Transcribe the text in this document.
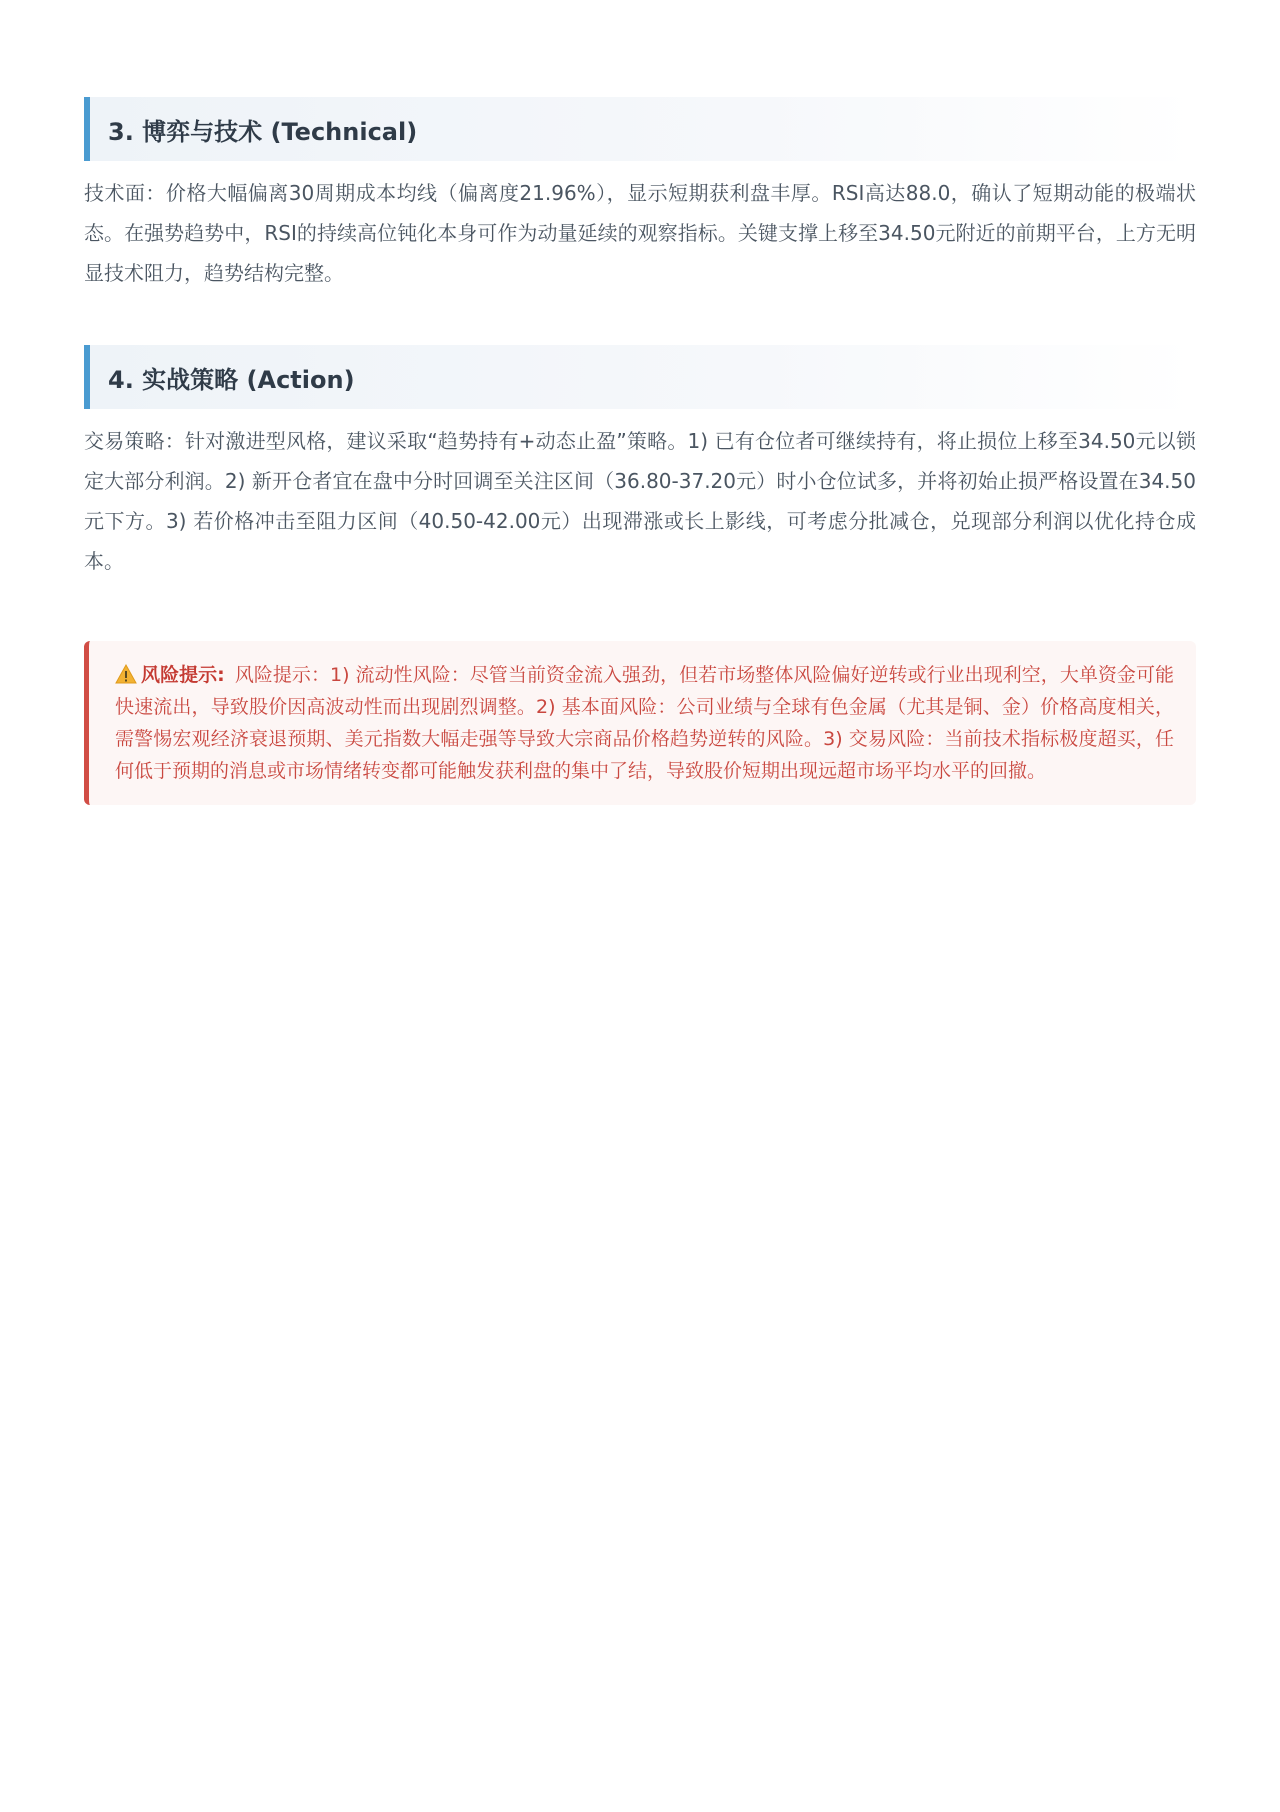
3. 博弈与技术 (Technical)

技术面：价格大幅偏离30周期成本均线（偏离度21.96%），显示短期获利盘丰厚。RSI高达88.0，确认了短期动能的极端状态。在强势趋势中，RSI的持续高位钝化本身可作为动量延续的观察指标。关键支撑上移至34.50元附近的前期平台，上方无明显技术阻力，趋势结构完整。

4. 实战策略 (Action)

交易策略：针对激进型风格，建议采取“趋势持有+动态止盈”策略。1) 已有仓位者可继续持有，将止损位上移至34.50元以锁定大部分利润。2) 新开仓者宜在盘中分时回调至关注区间（36.80-37.20元）时小仓位试多，并将初始止损严格设置在34.50元下方。3) 若价格冲击至阻力区间（40.50-42.00元）出现滞涨或长上影线，可考虑分批减仓，兑现部分利润以优化持仓成本。

风险提示: 风险提示：1) 流动性风险：尽管当前资金流入强劲，但若市场整体风险偏好逆转或行业出现利空，大单资金可能快速流出，导致股价因高波动性而出现剧烈调整。2) 基本面风险：公司业绩与全球有色金属（尤其是铜、金）价格高度相关，需警惕宏观经济衰退预期、美元指数大幅走强等导致大宗商品价格趋势逆转的风险。3) 交易风险：当前技术指标极度超买，任何低于预期的消息或市场情绪转变都可能触发获利盘的集中了结，导致股价短期出现远超市场平均水平的回撤。
